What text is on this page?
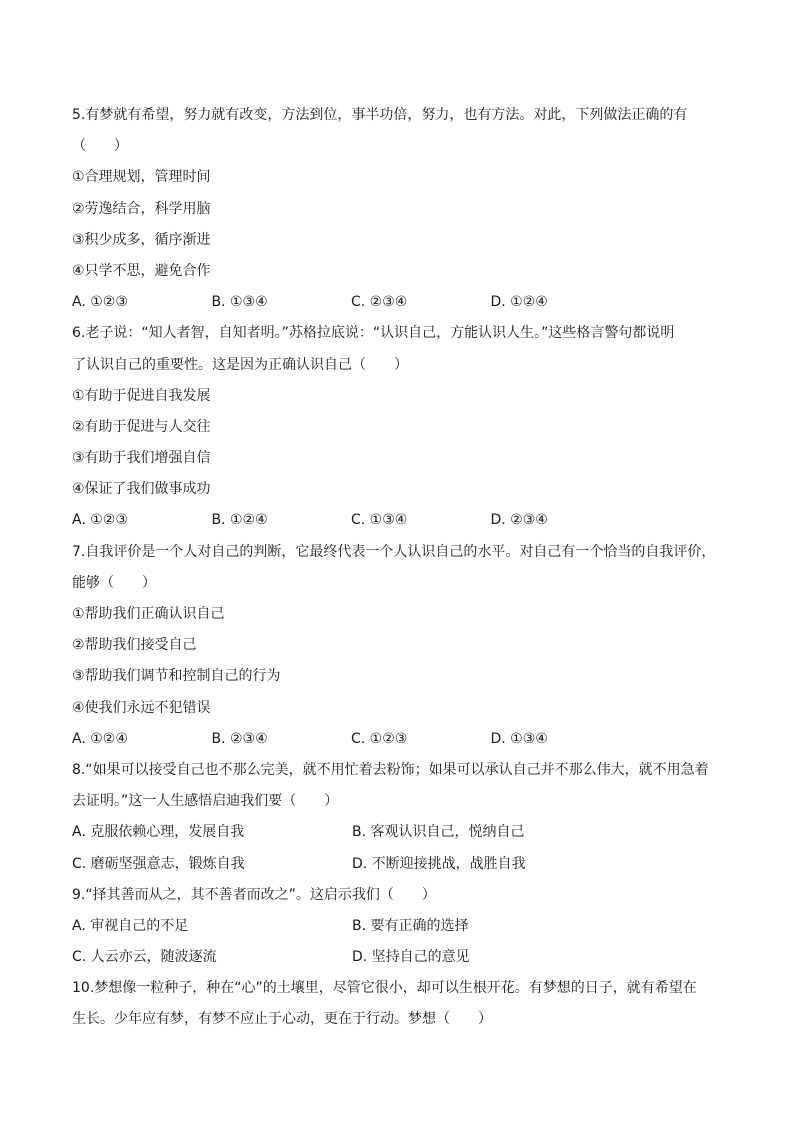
5.有梦就有希望，努力就有改变，方法到位，事半功倍，努力，也有方法。对此，下列做法正确的有
（　　）
①合理规划，管理时间
②劳逸结合，科学用脑
③积少成多，循序渐进
④只学不思，避免合作
A. ①②③	B. ①③④	C. ②③④	D. ①②④
6.老子说：“知人者智，自知者明。”苏格拉底说：“认识自己，方能认识人生。”这些格言警句都说明
了认识自己的重要性。这是因为正确认识自己（　　）
①有助于促进自我发展
②有助于促进与人交往
③有助于我们增强自信
④保证了我们做事成功
A. ①②③	B. ①②④	C. ①③④	D. ②③④
7.自我评价是一个人对自己的判断，它最终代表一个人认识自己的水平。对自己有一个恰当的自我评价，
能够（　　）
①帮助我们正确认识自己
②帮助我们接受自己
③帮助我们调节和控制自己的行为
④使我们永远不犯错误
A. ①②④	B. ②③④	C. ①②③	D. ①③④
8.“如果可以接受自己也不那么完美，就不用忙着去粉饰；如果可以承认自己并不那么伟大，就不用急着
去证明。”这一人生感悟启迪我们要（　　）
A. 克服依赖心理，发展自我	B. 客观认识自己，悦纳自己
C. 磨砺坚强意志，锻炼自我	D. 不断迎接挑战，战胜自我
9.“择其善而从之，其不善者而改之”。这启示我们（　　）
A. 审视自己的不足	B. 要有正确的选择
C. 人云亦云，随波逐流	D. 坚持自己的意见
10.梦想像一粒种子，种在“心”的土壤里，尽管它很小，却可以生根开花。有梦想的日子，就有希望在
生长。少年应有梦，有梦不应止于心动，更在于行动。梦想（　　）
